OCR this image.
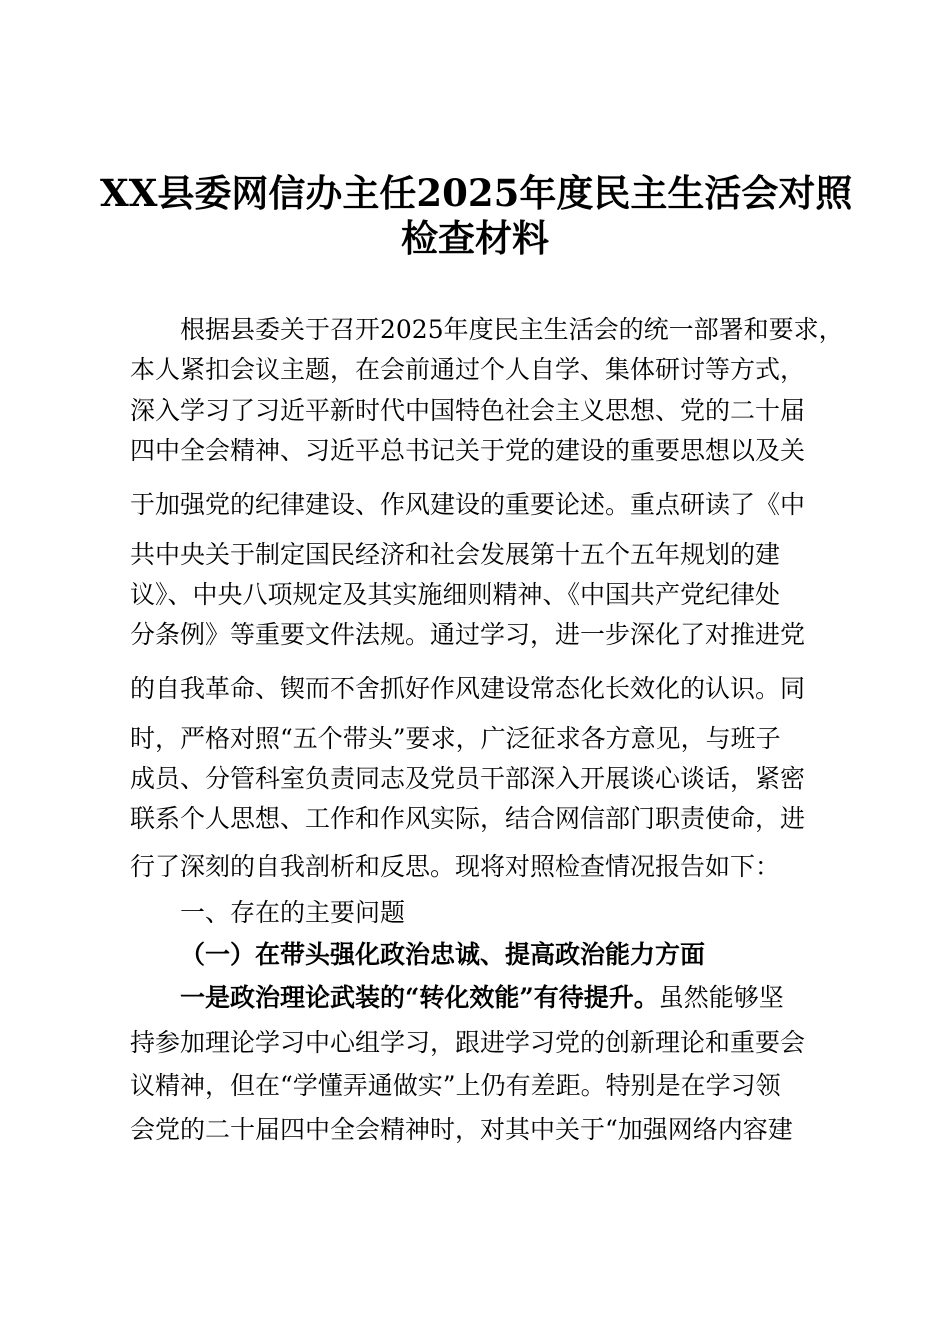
XX县委网信办主任2025年度民主生活会对照
检查材料
根据县委关于召开2025年度民主生活会的统一部署和要求，
本人紧扣会议主题，在会前通过个人自学、集体研讨等方式，
深入学习了习近平新时代中国特色社会主义思想、党的二十届
四中全会精神、习近平总书记关于党的建设的重要思想以及关
于加强党的纪律建设、作风建设的重要论述。重点研读了《中
共中央关于制定国民经济和社会发展第十五个五年规划的建
议》、中央八项规定及其实施细则精神、《中国共产党纪律处
分条例》等重要文件法规。通过学习，进一步深化了对推进党
的自我革命、锲而不舍抓好作风建设常态化长效化的认识。同
时，严格对照“五个带头”要求，广泛征求各方意见，与班子
成员、分管科室负责同志及党员干部深入开展谈心谈话，紧密
联系个人思想、工作和作风实际，结合网信部门职责使命，进
行了深刻的自我剖析和反思。现将对照检查情况报告如下：
一、存在的主要问题
（一）在带头强化政治忠诚、提高政治能力方面
一是政治理论武装的“转化效能”有待提升。虽然能够坚
持参加理论学习中心组学习，跟进学习党的创新理论和重要会
议精神，但在“学懂弄通做实”上仍有差距。特别是在学习领
会党的二十届四中全会精神时，对其中关于“加强网络内容建
